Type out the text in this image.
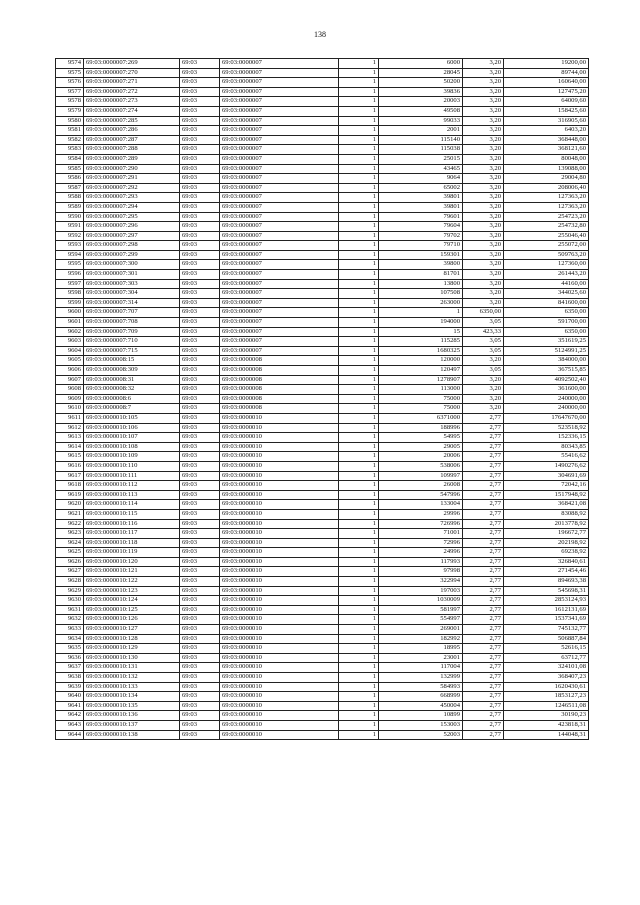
138
9574	69:03:0000007:269	69:03	69:03:0000007	1	6000	3,20	19200,00
9575	69:03:0000007:270	69:03	69:03:0000007	1	28045	3,20	89744,00
9576	69:03:0000007:271	69:03	69:03:0000007	1	50200	3,20	160640,00
9577	69:03:0000007:272	69:03	69:03:0000007	1	39836	3,20	127475,20
9578	69:03:0000007:273	69:03	69:03:0000007	1	20003	3,20	64009,60
9579	69:03:0000007:274	69:03	69:03:0000007	1	49508	3,20	158425,60
9580	69:03:0000007:285	69:03	69:03:0000007	1	99033	3,20	316905,60
9581	69:03:0000007:286	69:03	69:03:0000007	1	2001	3,20	6403,20
9582	69:03:0000007:287	69:03	69:03:0000007	1	115140	3,20	368448,00
9583	69:03:0000007:288	69:03	69:03:0000007	1	115038	3,20	368121,60
9584	69:03:0000007:289	69:03	69:03:0000007	1	25015	3,20	80048,00
9585	69:03:0000007:290	69:03	69:03:0000007	1	43465	3,20	139088,00
9586	69:03:0000007:291	69:03	69:03:0000007	1	9064	3,20	29004,80
9587	69:03:0000007:292	69:03	69:03:0000007	1	65002	3,20	208006,40
9588	69:03:0000007:293	69:03	69:03:0000007	1	39801	3,20	127363,20
9589	69:03:0000007:294	69:03	69:03:0000007	1	39801	3,20	127363,20
9590	69:03:0000007:295	69:03	69:03:0000007	1	79601	3,20	254723,20
9591	69:03:0000007:296	69:03	69:03:0000007	1	79604	3,20	254732,80
9592	69:03:0000007:297	69:03	69:03:0000007	1	79702	3,20	255046,40
9593	69:03:0000007:298	69:03	69:03:0000007	1	79710	3,20	255072,00
9594	69:03:0000007:299	69:03	69:03:0000007	1	159301	3,20	509763,20
9595	69:03:0000007:300	69:03	69:03:0000007	1	39800	3,20	127360,00
9596	69:03:0000007:301	69:03	69:03:0000007	1	81701	3,20	261443,20
9597	69:03:0000007:303	69:03	69:03:0000007	1	13800	3,20	44160,00
9598	69:03:0000007:304	69:03	69:03:0000007	1	107508	3,20	344025,60
9599	69:03:0000007:314	69:03	69:03:0000007	1	263000	3,20	841600,00
9600	69:03:0000007:707	69:03	69:03:0000007	1	1	6350,00	6350,00
9601	69:03:0000007:708	69:03	69:03:0000007	1	194000	3,05	591700,00
9602	69:03:0000007:709	69:03	69:03:0000007	1	15	423,33	6350,00
9603	69:03:0000007:710	69:03	69:03:0000007	1	115285	3,05	351619,25
9604	69:03:0000007:715	69:03	69:03:0000007	1	1680325	3,05	5124991,25
9605	69:03:0000008:15	69:03	69:03:0000008	1	120000	3,20	384000,00
9606	69:03:0000008:309	69:03	69:03:0000008	1	120497	3,05	367515,85
9607	69:03:0000008:31	69:03	69:03:0000008	1	1278907	3,20	4092502,40
9608	69:03:0000008:32	69:03	69:03:0000008	1	113000	3,20	361600,00
9609	69:03:0000008:6	69:03	69:03:0000008	1	75000	3,20	240000,00
9610	69:03:0000008:7	69:03	69:03:0000008	1	75000	3,20	240000,00
9611	69:03:0000010:105	69:03	69:03:0000010	1	6371000	2,77	17647670,00
9612	69:03:0000010:106	69:03	69:03:0000010	1	188996	2,77	523518,92
9613	69:03:0000010:107	69:03	69:03:0000010	1	54995	2,77	152336,15
9614	69:03:0000010:108	69:03	69:03:0000010	1	29005	2,77	80343,85
9615	69:03:0000010:109	69:03	69:03:0000010	1	20006	2,77	55416,62
9616	69:03:0000010:110	69:03	69:03:0000010	1	538006	2,77	1490276,62
9617	69:03:0000010:111	69:03	69:03:0000010	1	109997	2,77	304691,69
9618	69:03:0000010:112	69:03	69:03:0000010	1	26008	2,77	72042,16
9619	69:03:0000010:113	69:03	69:03:0000010	1	547996	2,77	1517948,92
9620	69:03:0000010:114	69:03	69:03:0000010	1	133004	2,77	368421,08
9621	69:03:0000010:115	69:03	69:03:0000010	1	29996	2,77	83088,92
9622	69:03:0000010:116	69:03	69:03:0000010	1	726996	2,77	2013778,92
9623	69:03:0000010:117	69:03	69:03:0000010	1	71001	2,77	196672,77
9624	69:03:0000010:118	69:03	69:03:0000010	1	72996	2,77	202198,92
9625	69:03:0000010:119	69:03	69:03:0000010	1	24996	2,77	69238,92
9626	69:03:0000010:120	69:03	69:03:0000010	1	117993	2,77	326840,61
9627	69:03:0000010:121	69:03	69:03:0000010	1	97998	2,77	271454,46
9628	69:03:0000010:122	69:03	69:03:0000010	1	322994	2,77	894693,38
9629	69:03:0000010:123	69:03	69:03:0000010	1	197003	2,77	545698,31
9630	69:03:0000010:124	69:03	69:03:0000010	1	1030009	2,77	2853124,93
9631	69:03:0000010:125	69:03	69:03:0000010	1	581997	2,77	1612131,69
9632	69:03:0000010:126	69:03	69:03:0000010	1	554997	2,77	1537341,69
9633	69:03:0000010:127	69:03	69:03:0000010	1	269001	2,77	745132,77
9634	69:03:0000010:128	69:03	69:03:0000010	1	182992	2,77	506887,84
9635	69:03:0000010:129	69:03	69:03:0000010	1	18995	2,77	52616,15
9636	69:03:0000010:130	69:03	69:03:0000010	1	23001	2,77	63712,77
9637	69:03:0000010:131	69:03	69:03:0000010	1	117004	2,77	324101,08
9638	69:03:0000010:132	69:03	69:03:0000010	1	132999	2,77	368407,23
9639	69:03:0000010:133	69:03	69:03:0000010	1	584993	2,77	1620430,61
9640	69:03:0000010:134	69:03	69:03:0000010	1	668999	2,77	1853127,23
9641	69:03:0000010:135	69:03	69:03:0000010	1	450004	2,77	1246511,08
9642	69:03:0000010:136	69:03	69:03:0000010	1	10899	2,77	30190,23
9643	69:03:0000010:137	69:03	69:03:0000010	1	153003	2,77	423818,31
9644	69:03:0000010:138	69:03	69:03:0000010	1	52003	2,77	144048,31
